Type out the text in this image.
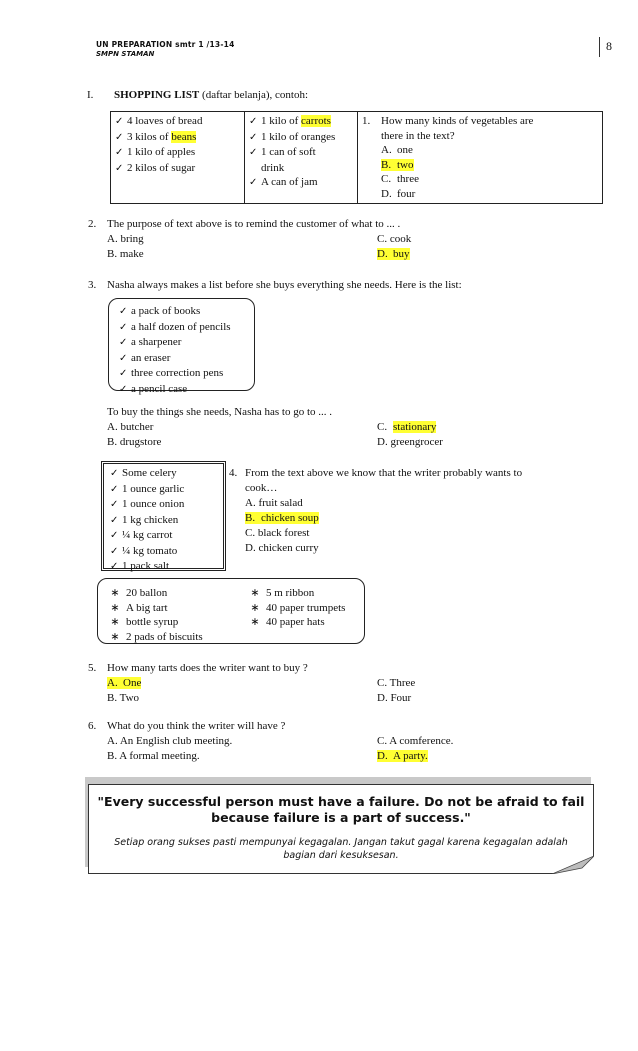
UN PREPARATION smtr 1 /13-14
SMPN STAMAN
8
I. SHOPPING LIST (daftar belanja), contoh:
✓ 4 loaves of bread
✓ 3 kilos of beans
✓ 1 kilo of apples
✓ 2 kilos of sugar

✓ 1 kilo of carrots
✓ 1 kilo of oranges
✓ 1 can of soft
drink
✓ A can of jam

1. How many kinds of vegetables are
there in the text?
A. one
B. two
C. three
D. four
2. The purpose of text above is to remind the customer of what to ... .
A. bring
B. make
C. cook
D. buy
3. Nasha always makes a list before she buys everything she needs. Here is the list:
✓ a pack of books
✓ a half dozen of pencils
✓ a sharpener
✓ an eraser
✓ three correction pens
✓ a pencil case
To buy the things she needs, Nasha has to go to ... .
A. butcher
B. drugstore
C. stationary
D. greengrocer
✓ Some celery
✓ 1 ounce garlic
✓ 1 ounce onion
✓ 1 kg chicken
✓ ¼ kg carrot
✓ ¼ kg tomato
✓ 1 pack salt
4. From the text above we know that the writer probably wants to
cook…
A. fruit salad
B. chicken soup
C. black forest
D. chicken curry
∗ 20 ballon
∗ A big tart
∗ bottle syrup
∗ 2 pads of biscuits
∗ 5 m ribbon
∗ 40 paper trumpets
∗ 40 paper hats
5. How many tarts does the writer want to buy ?
A. One
B. Two
C. Three
D. Four
6. What do you think the writer will have ?
A. An English club meeting.
B. A formal meeting.
C. A comference.
D. A party.
"Every successful person must have a failure. Do not be afraid to fail
because failure is a part of success."
Setiap orang sukses pasti mempunyai kegagalan. Jangan takut gagal karena kegagalan adalah
bagian dari kesuksesan.
